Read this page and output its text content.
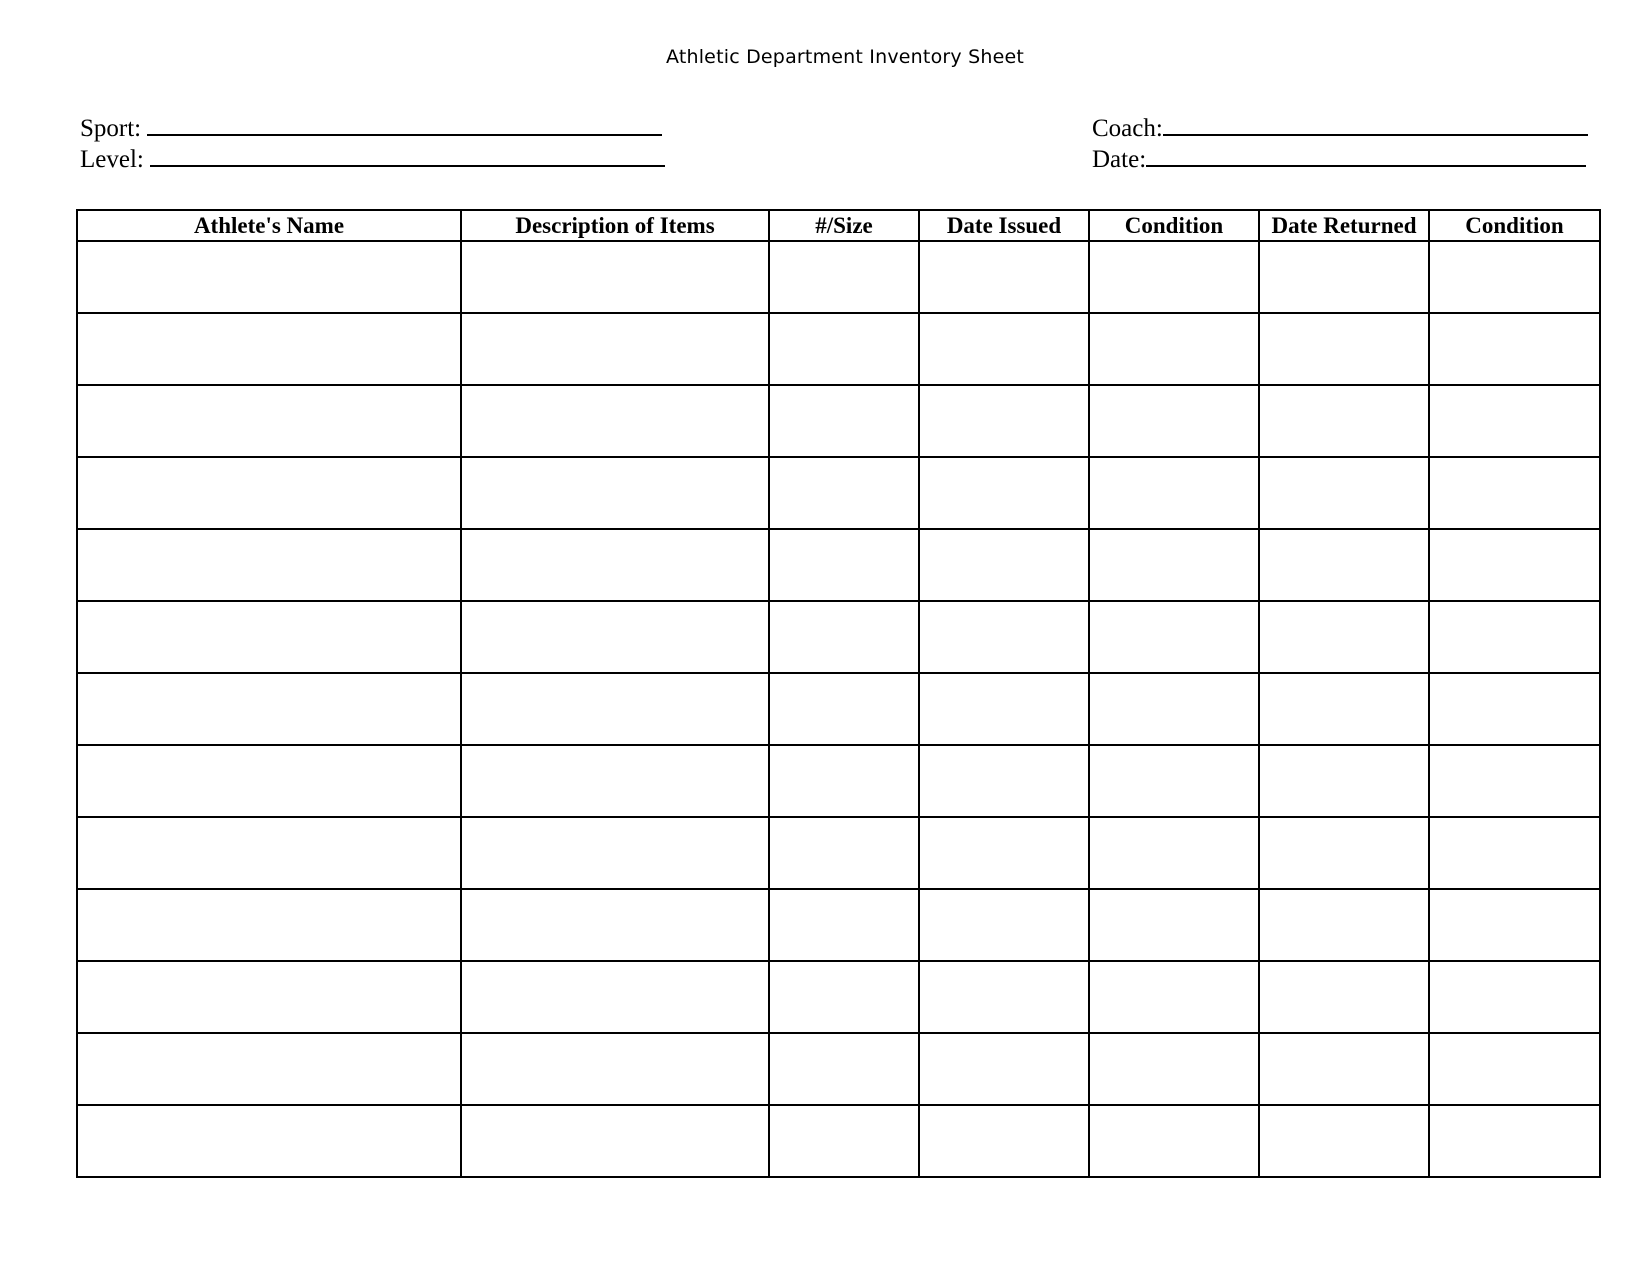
Athletic Department Inventory Sheet
Sport:
Level:
Coach:
Date:
Athlete's Name	Description of Items	#/Size	Date Issued	Condition	Date Returned	Condition
